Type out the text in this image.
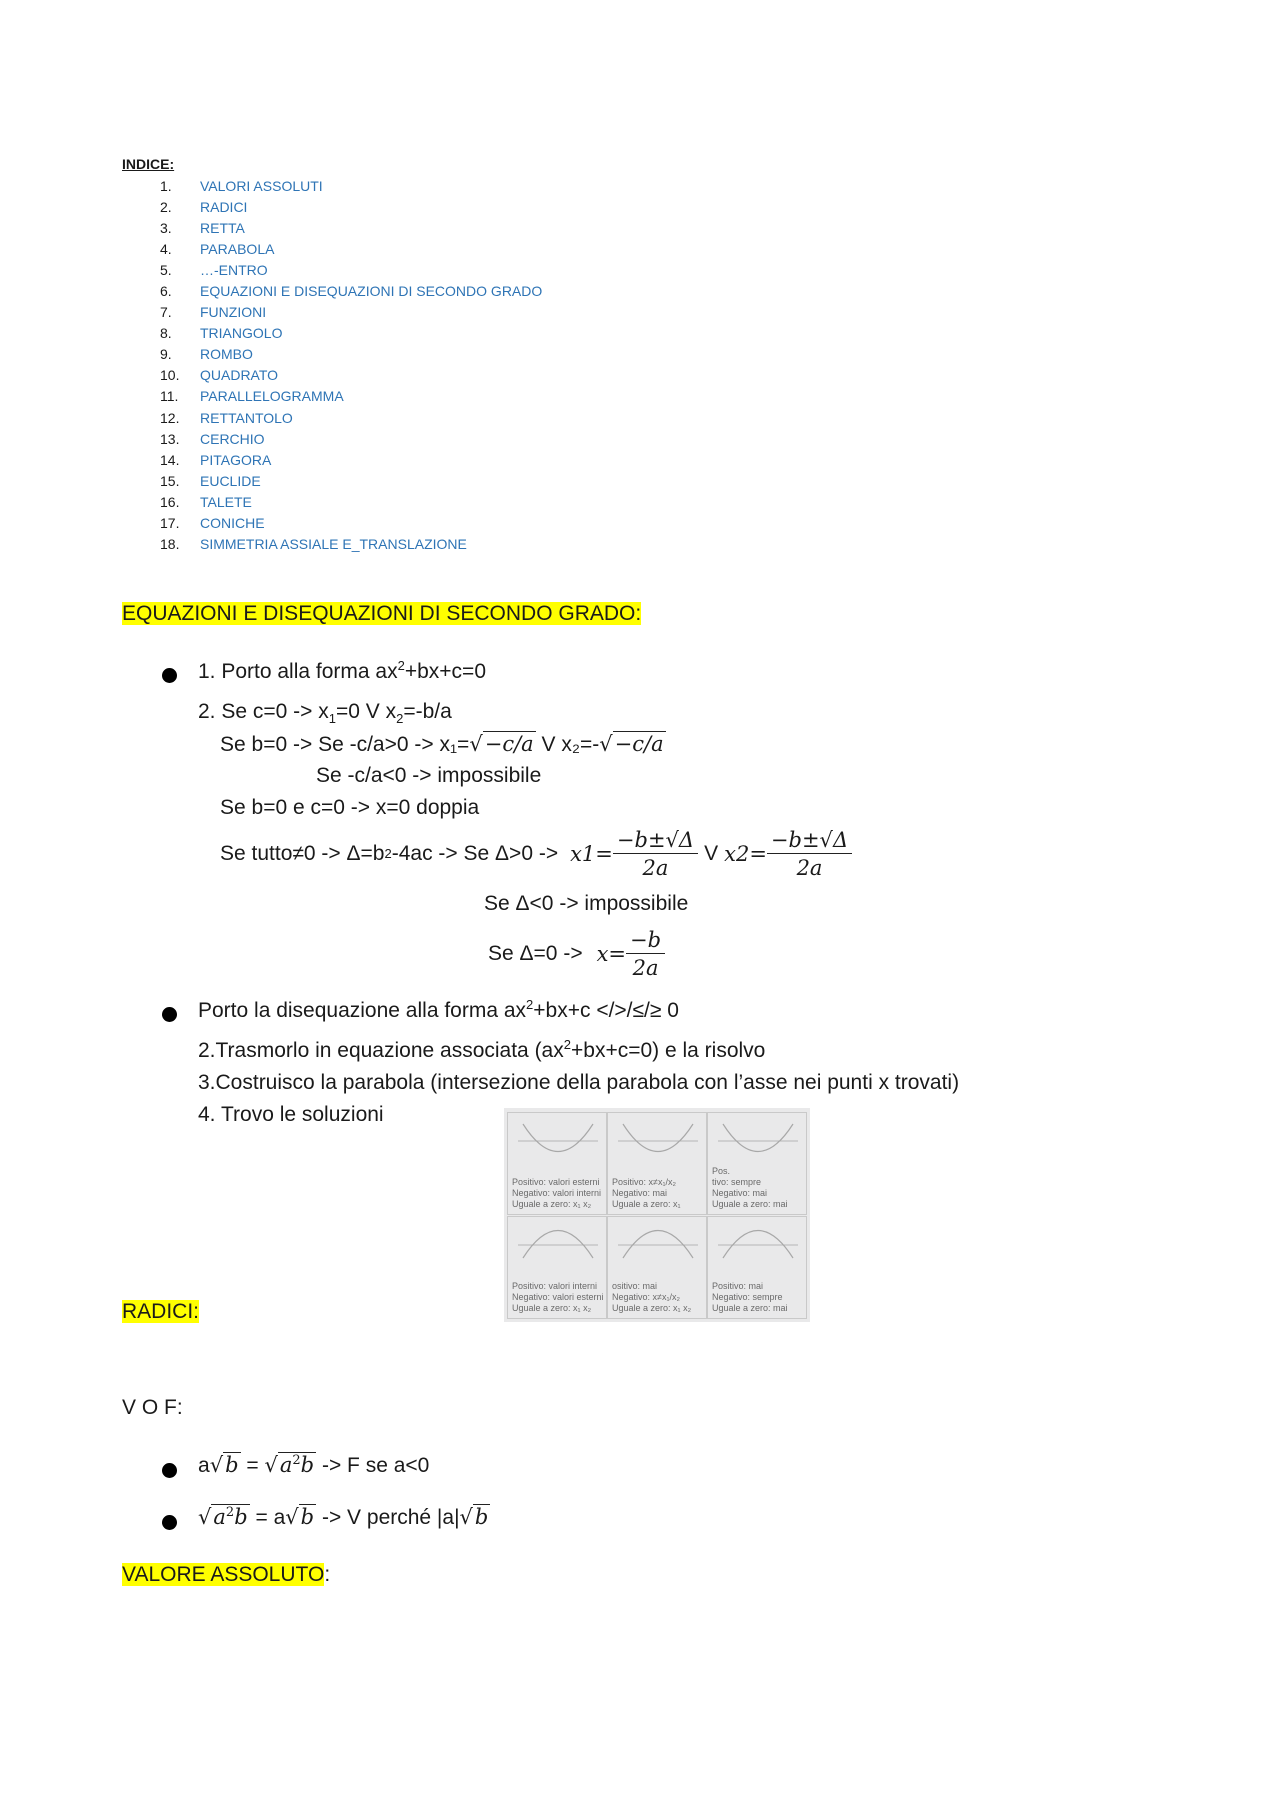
INDICE:
1. VALORI ASSOLUTI
2. RADICI
3. RETTA
4. PARABOLA
5. …-ENTRO
6. EQUAZIONI E DISEQUAZIONI DI SECONDO GRADO
7. FUNZIONI
8. TRIANGOLO
9. ROMBO
10. QUADRATO
11. PARALLELOGRAMMA
12. RETTANTOLO
13. CERCHIO
14. PITAGORA
15. EUCLIDE
16. TALETE
17. CONICHE
18. SIMMETRIA ASSIALE E_TRANSLAZIONE
EQUAZIONI E DISEQUAZIONI DI SECONDO GRADO:
1. Porto alla forma $ax^2+bx+c=0$
2. Se $c=0 -> x_1=0$ V $x_2=-b/a$
Se b=0 -> Se -c/a>0 -> x₁=√−c/a V x₂=-√−c/a
Se -c/a<0 -> impossibile
Se b=0 e c=0 -> x=0 doppia
Se tutto≠0 -> Δ=b 2 -4ac -> Se $\Delta>0 -> x1= \frac{-b\pm√\Delta}{2a}$ V $x2= \frac{-b\pm√\Delta}{2a}$
Se Δ<0 -> impossibile
Se $\Delta=0 -> x= \frac{-b}{2a}$
Porto la disequazione alla forma $ax^2+bx+c$ </>/≤/≥ 0
2.Trasmorlo in equazione associata $(ax^2+bx+c=0)$ e la risolvo
3.Costruisco la parabola (intersezione della parabola con l’asse nei punti x trovati)
4. Trovo le soluzioni
Positivo: valori esterni
Negativo: valori interni
Uguale a zero: x₁ x₂
Positivo: x≠x₁/x₂
Negativo: mai
Uguale a zero: x₁
Pos.
tivo: sempre
Negativo: mai
Uguale a zero: mai
Positivo: valori interni
Negativo: valori esterni
Uguale a zero: x₁ x₂
ositivo: mai
Negativo: x≠x₁/x₂
Uguale a zero: x₁ x₂
Positivo: mai
Negativo: sempre
Uguale a zero: mai
RADICI:
V O F:
$a√b = √a^2b -> F$ se a<0
$√a^2b = a√b -> V$ perché |a|√b
VALORE ASSOLUTO:
